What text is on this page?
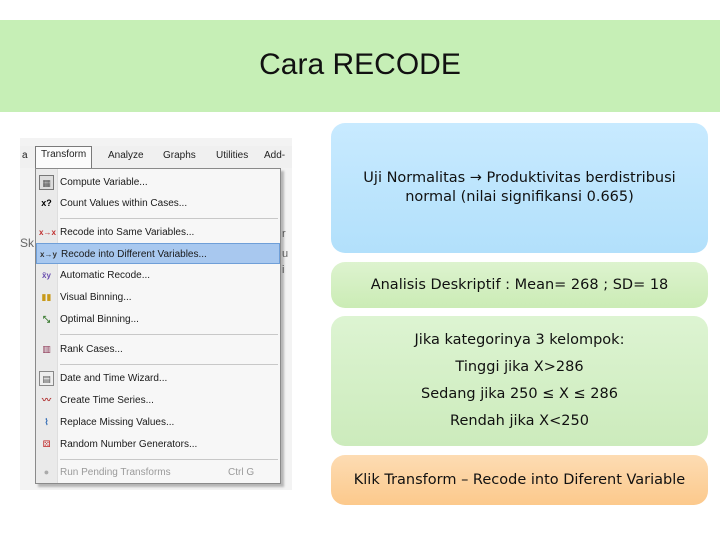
Cara RECODE
a	Transform	Analyze Graphs Utilities Add-
Sk
r
u
i
▦ Compute Variable...
x? Count Values within Cases...
x→x Recode into Same Variables...
x→y Recode into Different Variables...
x̄y Automatic Recode...
▮▮ Visual Binning...
⤡ Optimal Binning...
▥ Rank Cases...
▤ Date and Time Wizard...
〰 Create Time Series...
⌇	Replace Missing Values...
⚄ Random Number Generators...
●	Run Pending Transforms	Ctrl G
Uji Normalitas → Produktivitas berdistribusi normal (nilai signifikansi 0.665)
Analisis Deskriptif : Mean= 268 ; SD= 18
Jika kategorinya 3 kelompok:
Tinggi jika X>286
Sedang jika 250 ≤ X ≤ 286
Rendah jika X<250
Klik Transform – Recode into Diferent Variable
